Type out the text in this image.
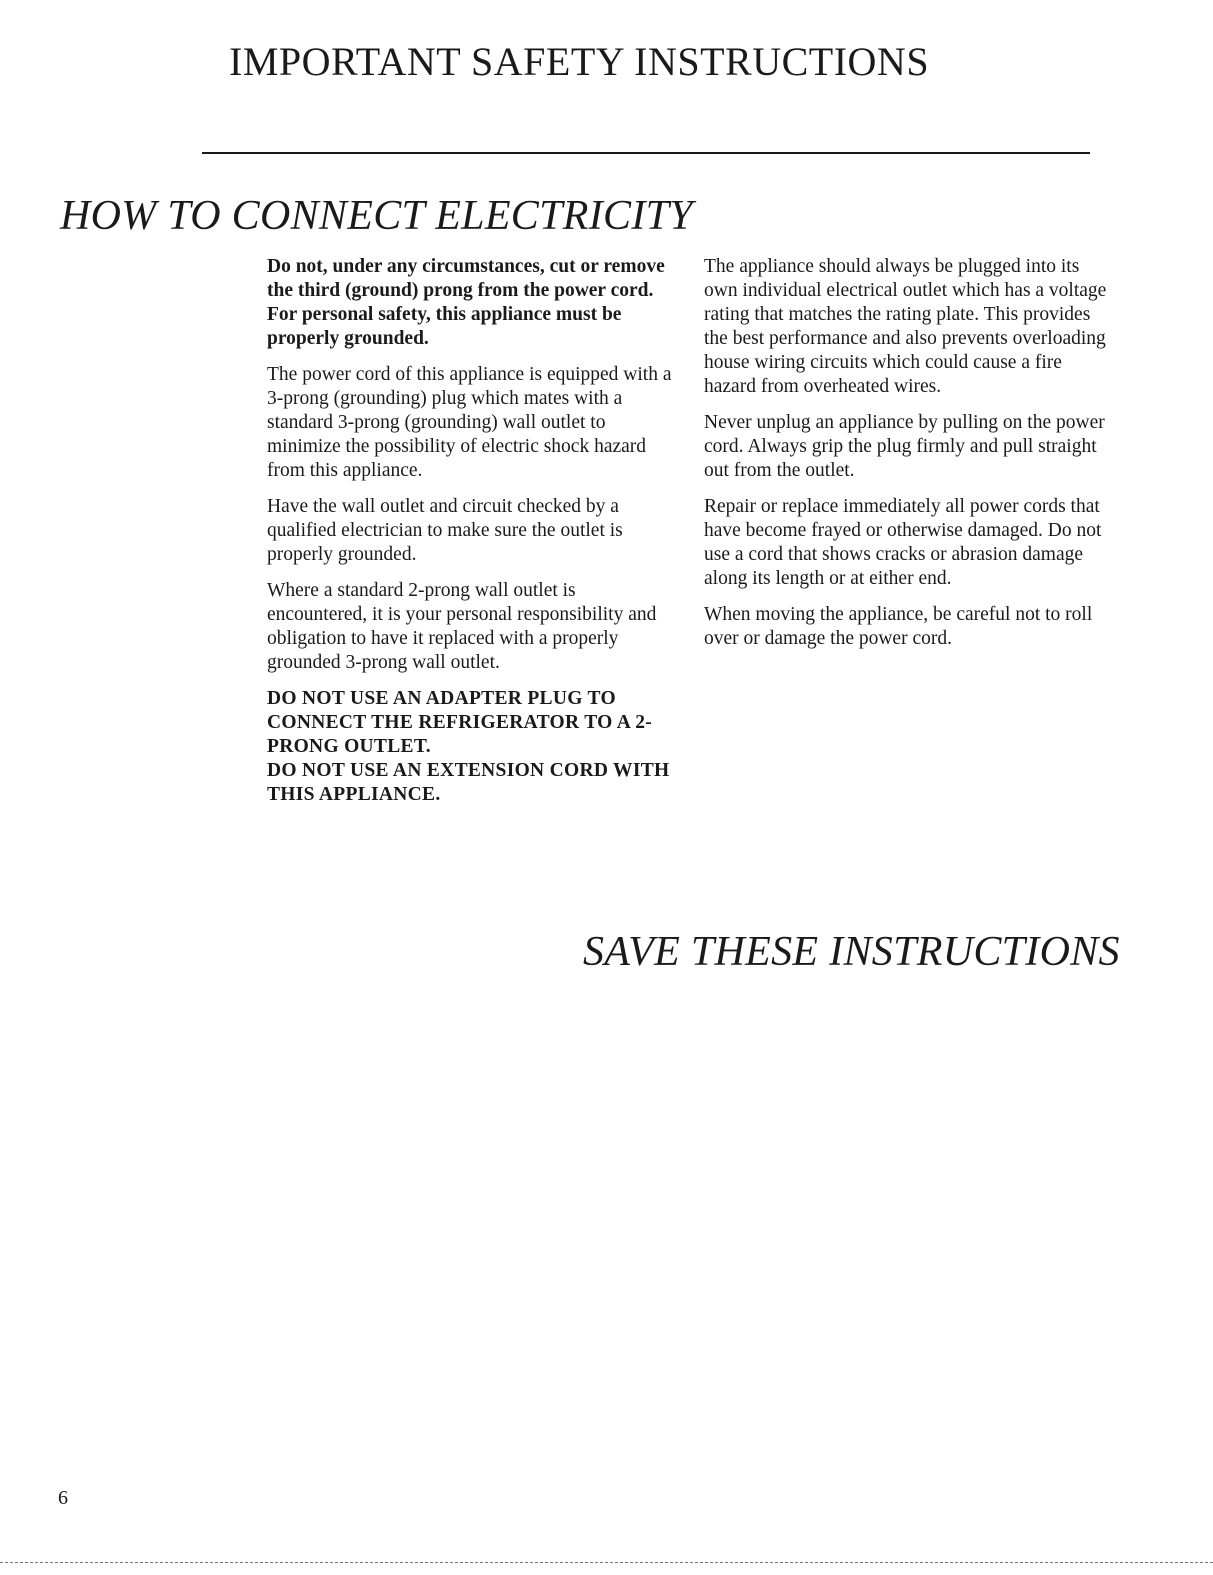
IMPORTANT SAFETY INSTRUCTIONS
HOW TO CONNECT ELECTRICITY

Do not, under any circumstances, cut or remove the third (ground) prong from the power cord. For personal safety, this appliance must be properly grounded.

The power cord of this appliance is equipped with a 3-prong (grounding) plug which mates with a standard 3-prong (grounding) wall outlet to minimize the possibility of electric shock hazard from this appliance.

Have the wall outlet and circuit checked by a qualified electrician to make sure the outlet is properly grounded.

Where a standard 2-prong wall outlet is encountered, it is your personal responsibility and obligation to have it replaced with a properly grounded 3-prong wall outlet.

DO NOT USE AN ADAPTER PLUG TO CONNECT THE REFRIGERATOR TO A 2-PRONG OUTLET.

DO NOT USE AN EXTENSION CORD WITH THIS APPLIANCE.

The appliance should always be plugged into its own individual electrical outlet which has a voltage rating that matches the rating plate. This provides the best performance and also prevents overloading house wiring circuits which could cause a fire hazard from overheated wires.

Never unplug an appliance by pulling on the power cord. Always grip the plug firmly and pull straight out from the outlet.

Repair or replace immediately all power cords that have become frayed or otherwise damaged. Do not use a cord that shows cracks or abrasion damage along its length or at either end.

When moving the appliance, be careful not to roll over or damage the power cord.

SAVE THESE INSTRUCTIONS
6
